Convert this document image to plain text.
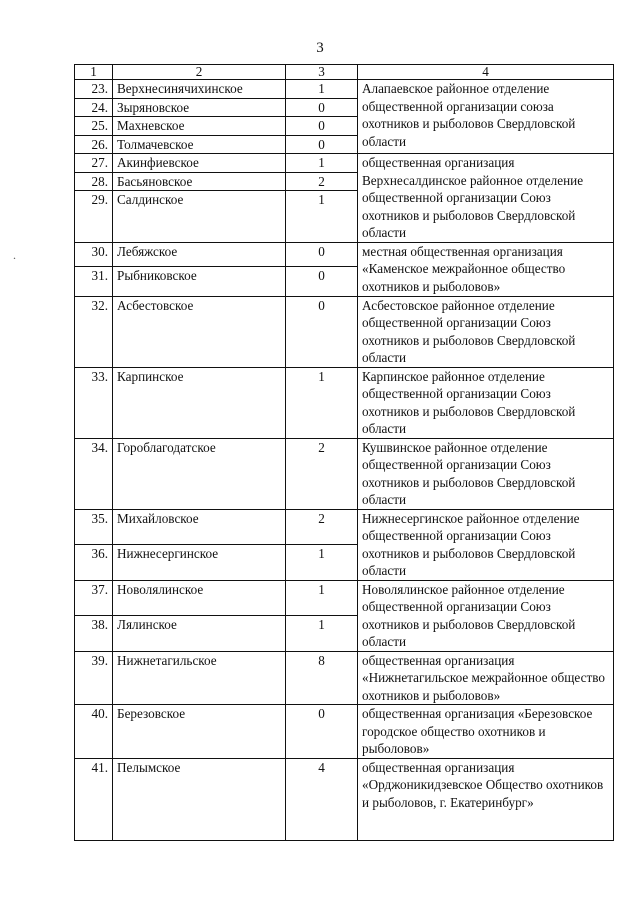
3
.
1	2	3	4
23.	Верхнесинячихинское	1	Алапаевское районное отделение общественной организации союза охотников и рыболовов Свердловской области
24.	Зыряновское	0	
25.	Махневское	0	
26.	Толмачевское	0	
27.	Акинфиевское	1	общественная организация Верхнесалдинское районное отделение общественной организации Союз охотников и рыболовов Свердловской области
28.	Басьяновское	2	
29.	Салдинское	1	
30.	Лебяжское	0	местная общественная организация «Каменское межрайонное общество охотников и рыболовов»
31.	Рыбниковское	0	
32.	Асбестовское	0	Асбестовское районное отделение общественной организации Союз охотников и рыболовов Свердловской области
33.	Карпинское	1	Карпинское районное отделение общественной организации Союз охотников и рыболовов Свердловской области
34.	Гороблагодатское	2	Кушвинское районное отделение общественной организации Союз охотников и рыболовов Свердловской области
35.	Михайловское	2	Нижнесергинское районное отделение общественной организации Союз охотников и рыболовов Свердловской области
36.	Нижнесергинское	1	
37.	Новолялинское	1	Новолялинское районное отделение общественной организации Союз охотников и рыболовов Свердловской области
38.	Лялинское	1	
39.	Нижнетагильское	8	общественная организация «Нижнетагильское межрайонное общество охотников и рыболовов»
40.	Березовское	0	общественная организация «Березовское городское общество охотников и рыболовов»
41.	Пелымское	4	общественная организация «Орджоникидзевское Общество охотников и рыболовов, г. Екатеринбург»
